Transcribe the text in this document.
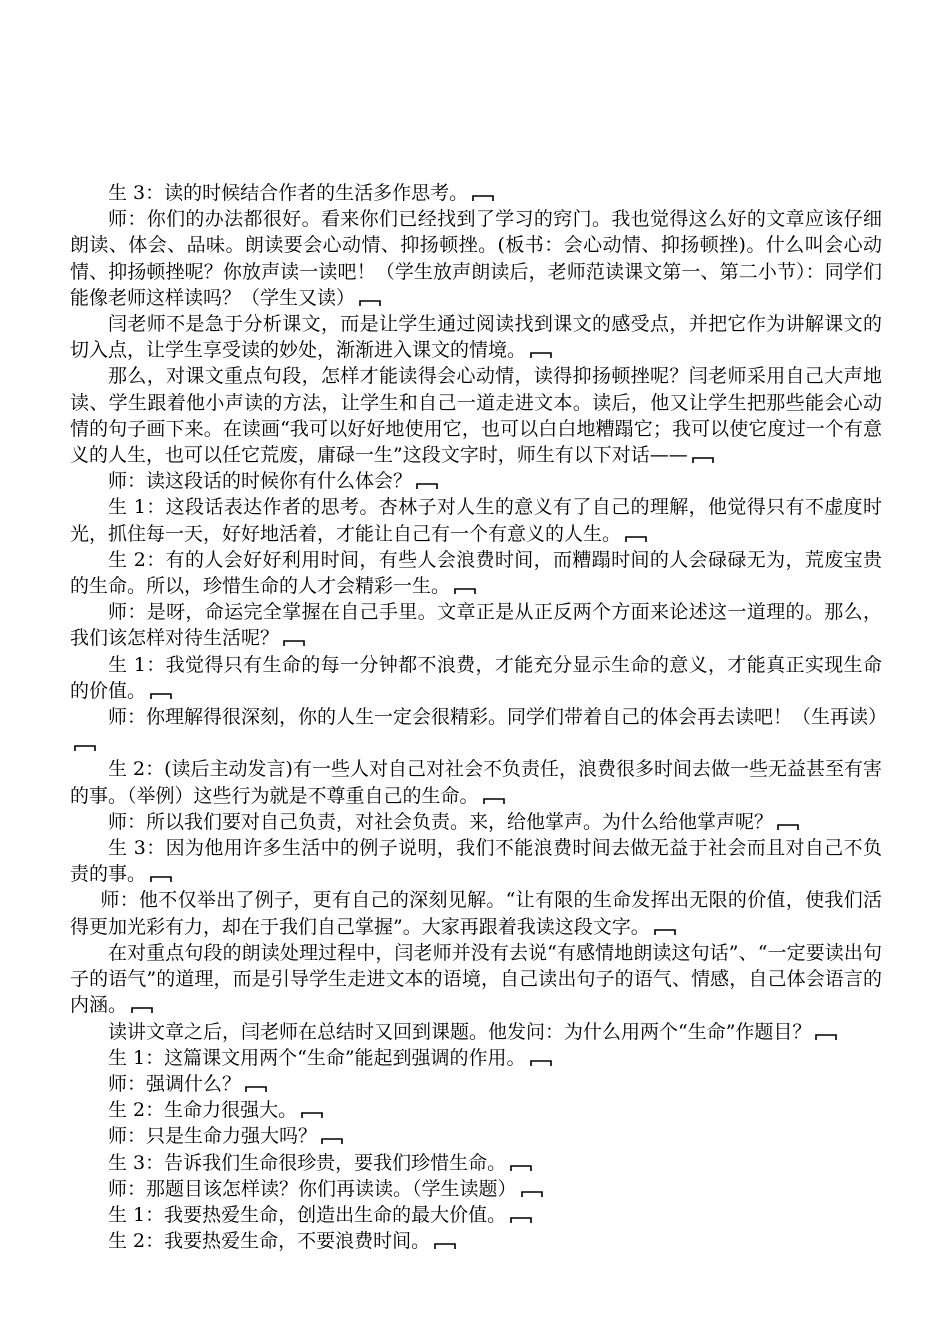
生 3：读的时候结合作者的生活多作思考。

师：你们的办法都很好。看来你们已经找到了学习的窍门。我也觉得这么好的文章应该仔细朗读、体会、品味。朗读要会心动情、抑扬顿挫。(板书：会心动情、抑扬顿挫)。什么叫会心动情、抑扬顿挫呢？你放声读一读吧！（学生放声朗读后，老师范读课文第一、第二小节）：同学们能像老师这样读吗？（学生又读）

闫老师不是急于分析课文，而是让学生通过阅读找到课文的感受点，并把它作为讲解课文的切入点，让学生享受读的妙处，渐渐进入课文的情境。

那么，对课文重点句段，怎样才能读得会心动情，读得抑扬顿挫呢？闫老师采用自己大声地读、学生跟着他小声读的方法，让学生和自己一道走进文本。读后，他又让学生把那些能会心动情的句子画下来。在读画“我可以好好地使用它，也可以白白地糟蹋它；我可以使它度过一个有意义的人生，也可以任它荒废，庸碌一生”这段文字时，师生有以下对话——

师：读这段话的时候你有什么体会？

生 1：这段话表达作者的思考。杏林子对人生的意义有了自己的理解，他觉得只有不虚度时光，抓住每一天，好好地活着，才能让自己有一个有意义的人生。

生 2：有的人会好好利用时间，有些人会浪费时间，而糟蹋时间的人会碌碌无为，荒废宝贵的生命。所以，珍惜生命的人才会精彩一生。

师：是呀，命运完全掌握在自己手里。文章正是从正反两个方面来论述这一道理的。那么，我们该怎样对待生活呢？

生 1：我觉得只有生命的每一分钟都不浪费，才能充分显示生命的意义，才能真正实现生命的价值。

师：你理解得很深刻，你的人生一定会很精彩。同学们带着自己的体会再去读吧！（生再读）

生 2：(读后主动发言)有一些人对自己对社会不负责任，浪费很多时间去做一些无益甚至有害的事。（举例）这些行为就是不尊重自己的生命。

师：所以我们要对自己负责，对社会负责。来，给他掌声。为什么给他掌声呢？

生 3：因为他用许多生活中的例子说明，我们不能浪费时间去做无益于社会而且对自己不负责的事。

师：他不仅举出了例子，更有自己的深刻见解。“让有限的生命发挥出无限的价值，使我们活得更加光彩有力，却在于我们自己掌握”。大家再跟着我读这段文字。

在对重点句段的朗读处理过程中，闫老师并没有去说“有感情地朗读这句话”、“一定要读出句子的语气”的道理，而是引导学生走进文本的语境，自己读出句子的语气、情感，自己体会语言的内涵。

读讲文章之后，闫老师在总结时又回到课题。他发问：为什么用两个“生命”作题目？

生 1：这篇课文用两个“生命”能起到强调的作用。

师：强调什么？

生 2：生命力很强大。

师：只是生命力强大吗？

生 3：告诉我们生命很珍贵，要我们珍惜生命。

师：那题目该怎样读？你们再读读。（学生读题）

生 1：我要热爱生命，创造出生命的最大价值。

生 2：我要热爱生命，不要浪费时间。
